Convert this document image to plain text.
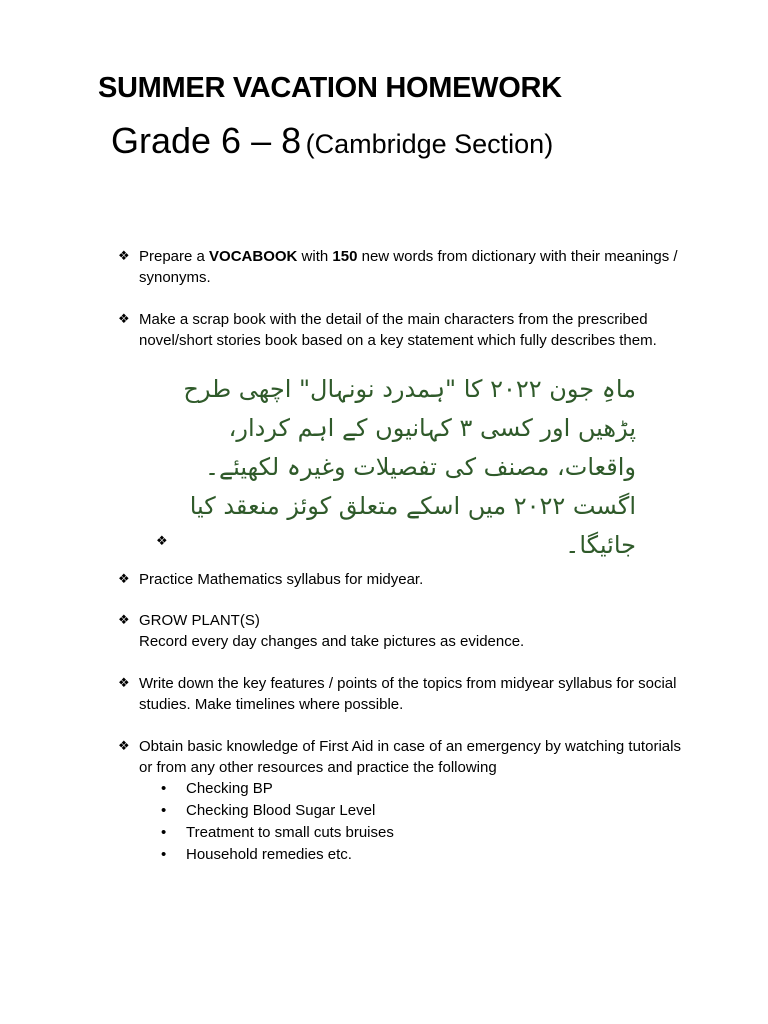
SUMMER VACATION HOMEWORK
Grade 6 – 8 (Cambridge Section)
❖ Prepare a VOCABOOK with 150 new words from dictionary with their meanings / synonyms.
❖ Make a scrap book with the detail of the main characters from the prescribed novel/short stories book based on a key statement which fully describes them.
ماہِ جون ۲۰۲۲ کا "ہمدرد نونہال" اچھی طرح
پڑھیں اور کسی ۳ کہانیوں کے اہم کردار،
واقعات، مصنف کی تفصیلات وغیرہ لکھیئے۔
اگست ۲۰۲۲ میں اسکے متعلق کوئز منعقد کیا
جائیگا۔
❖
❖ Practice Mathematics syllabus for midyear.
❖ GROW PLANT(S)
Record every day changes and take pictures as evidence.
❖ Write down the key features / points of the topics from midyear syllabus for social studies. Make timelines where possible.
❖ Obtain basic knowledge of First Aid in case of an emergency by watching tutorials or from any other resources and practice the following
• Checking BP
• Checking Blood Sugar Level
• Treatment to small cuts bruises
• Household remedies etc.
